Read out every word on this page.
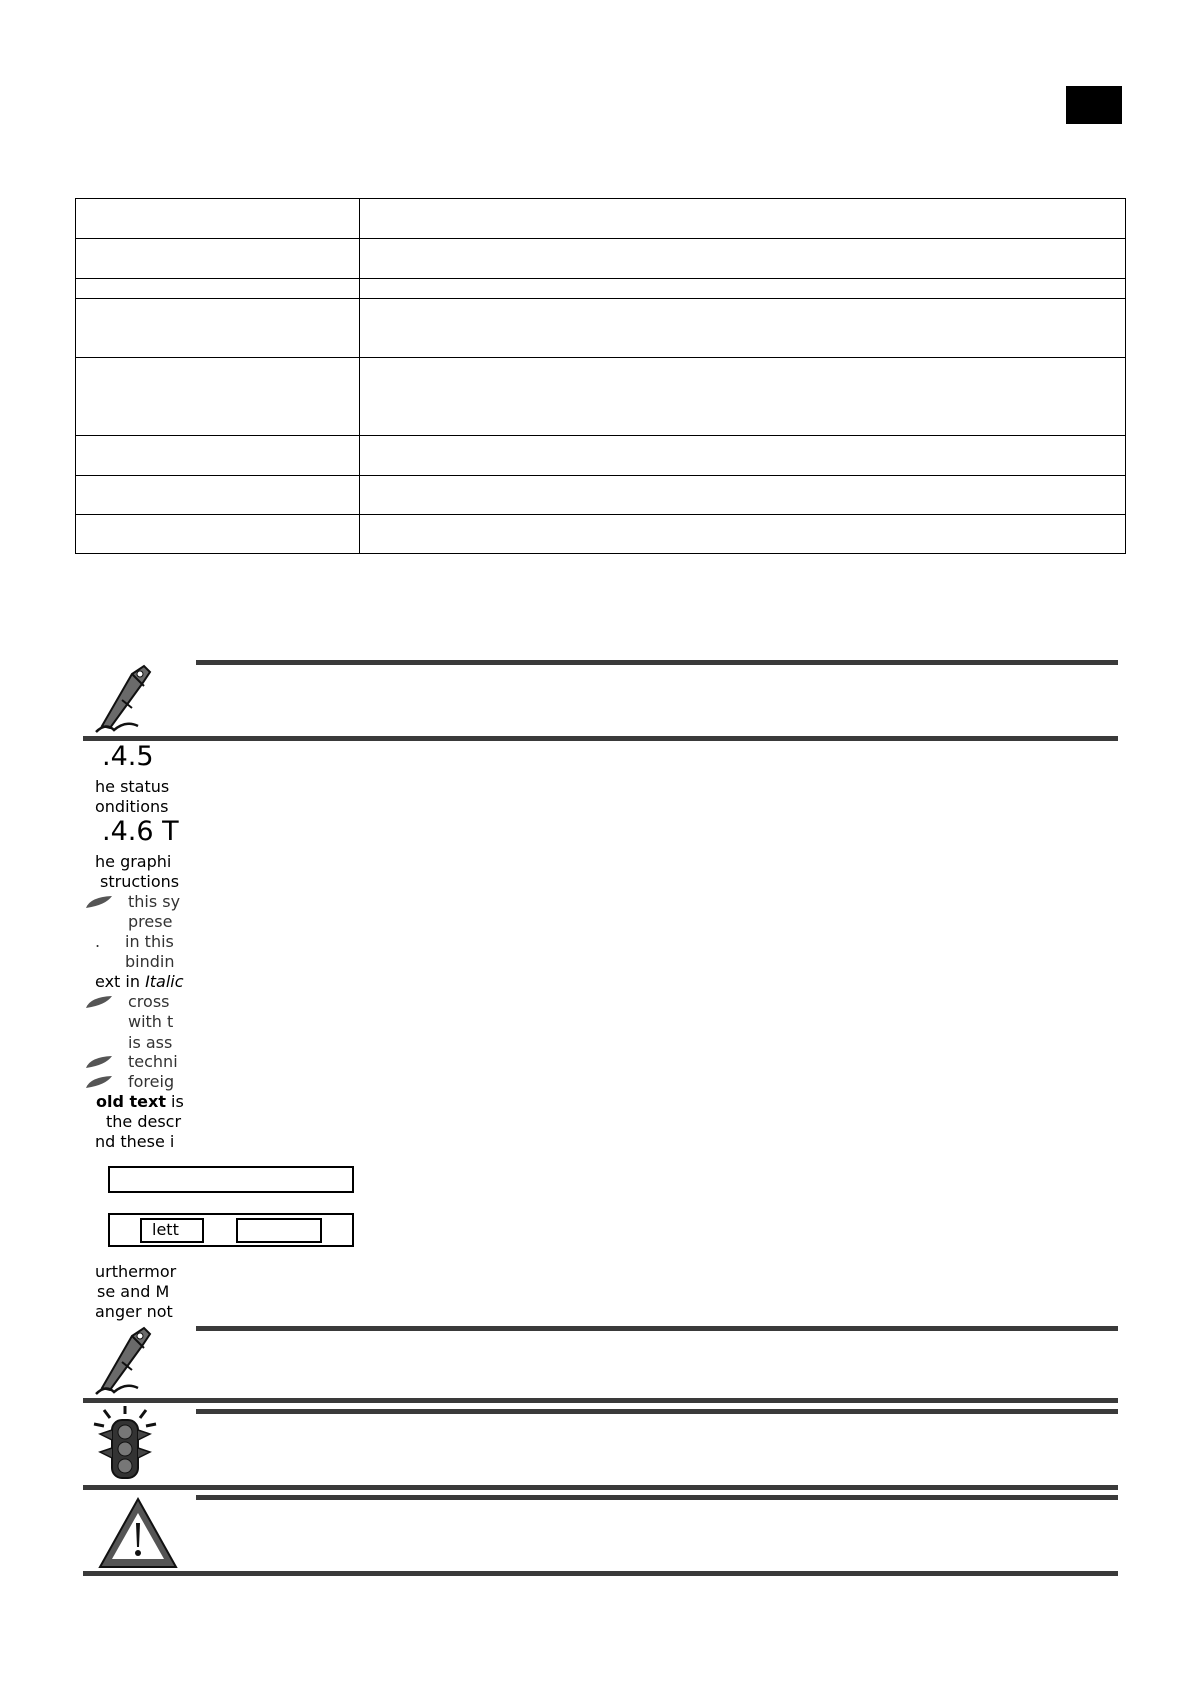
.4.5
he status
onditions
.4.6 T
he graphi
structions
this sy
prese
. in this
bindin
ext in Italic
cross
with t
is ass
techni
foreig
old text is
the descr
nd these i
lett
urthermor
se and M
anger not
